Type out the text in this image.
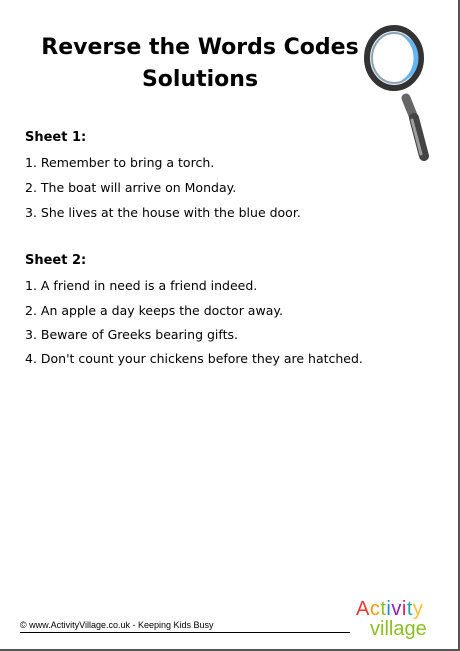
Reverse the Words Codes
Solutions
Sheet 1:
1. Remember to bring a torch.
2. The boat will arrive on Monday.
3. She lives at the house with the blue door.
Sheet 2:
1. A friend in need is a friend indeed.
2. An apple a day keeps the doctor away.
3. Beware of Greeks bearing gifts.
4. Don't count your chickens before they are hatched.
© www.ActivityVillage.co.uk - Keeping Kids Busy
Activity
village
